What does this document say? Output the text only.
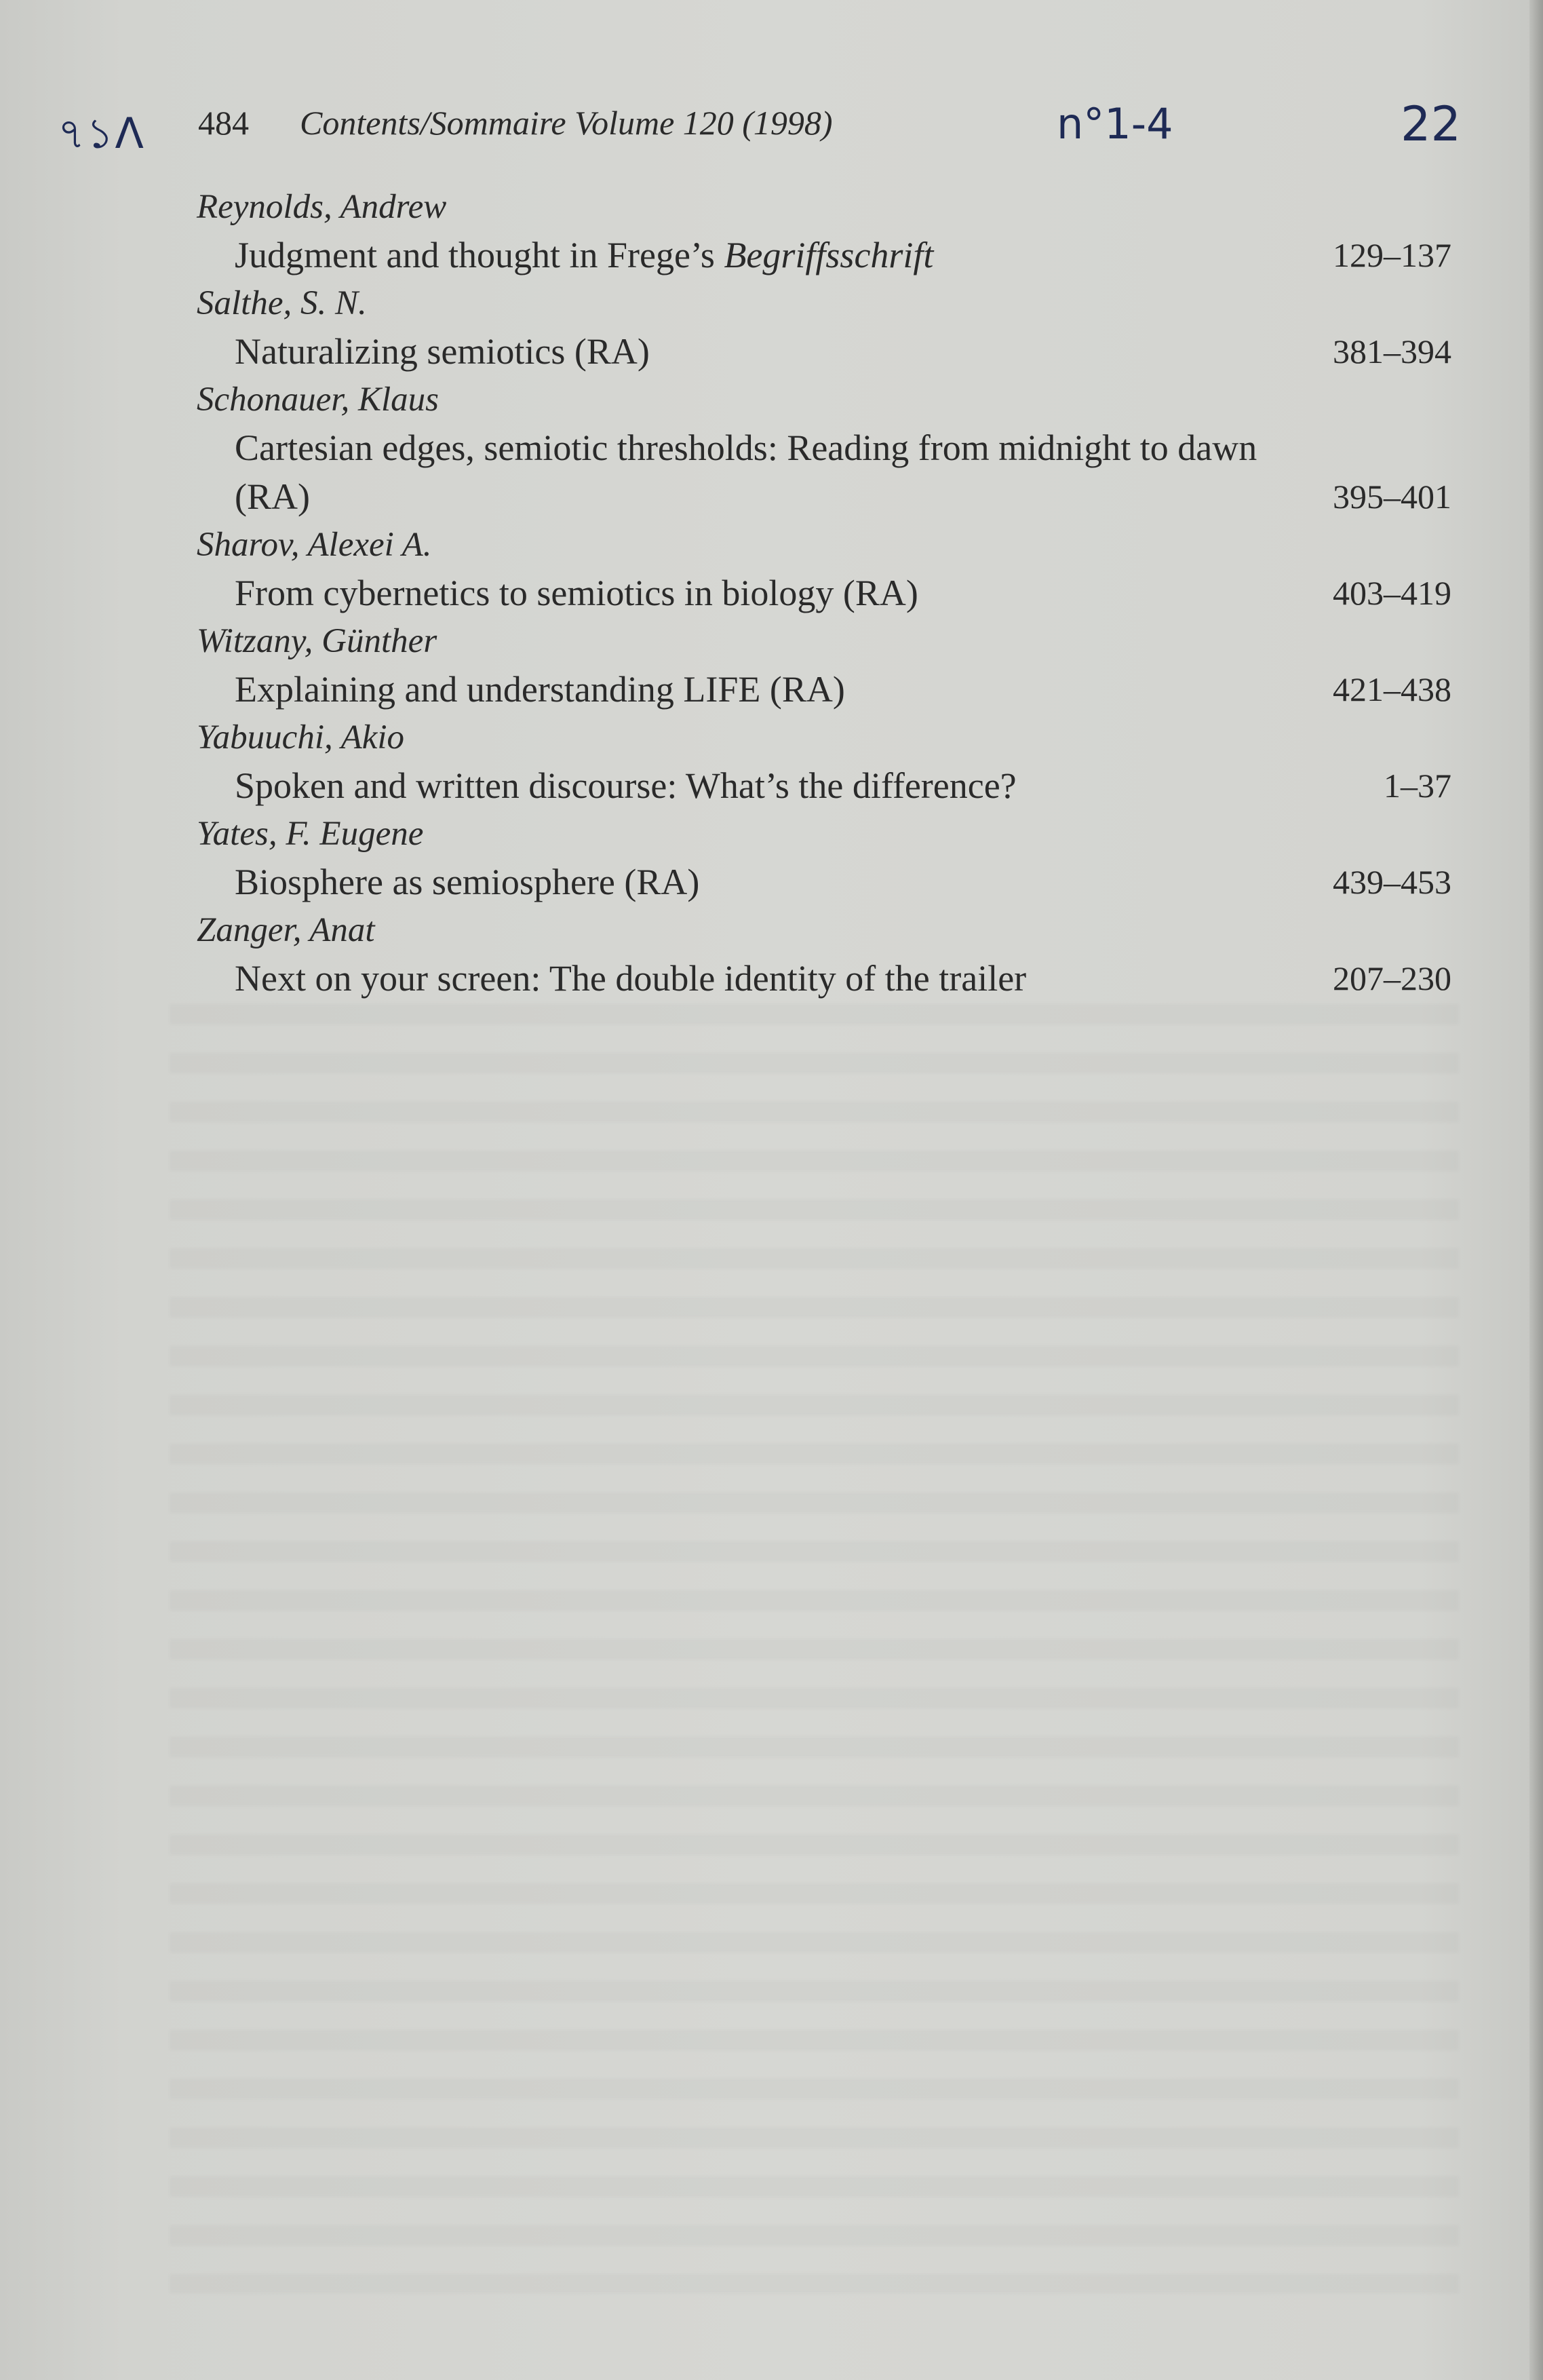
৭১Λ 484 Contents/Sommaire Volume 120 (1998)	n°1-4	22
Reynolds, Andrew
Judgment and thought in Frege’s Begriffsschrift	129–137
Salthe, S. N.
Naturalizing semiotics (RA)	381–394
Schonauer, Klaus
Cartesian edges, semiotic thresholds: Reading from midnight to dawn (RA)	395–401
Sharov, Alexei A.
From cybernetics to semiotics in biology (RA)	403–419
Witzany, Günther
Explaining and understanding LIFE (RA)	421–438
Yabuuchi, Akio
Spoken and written discourse: What’s the difference?	1–37
Yates, F. Eugene
Biosphere as semiosphere (RA)	439–453
Zanger, Anat
Next on your screen: The double identity of the trailer	207–230
